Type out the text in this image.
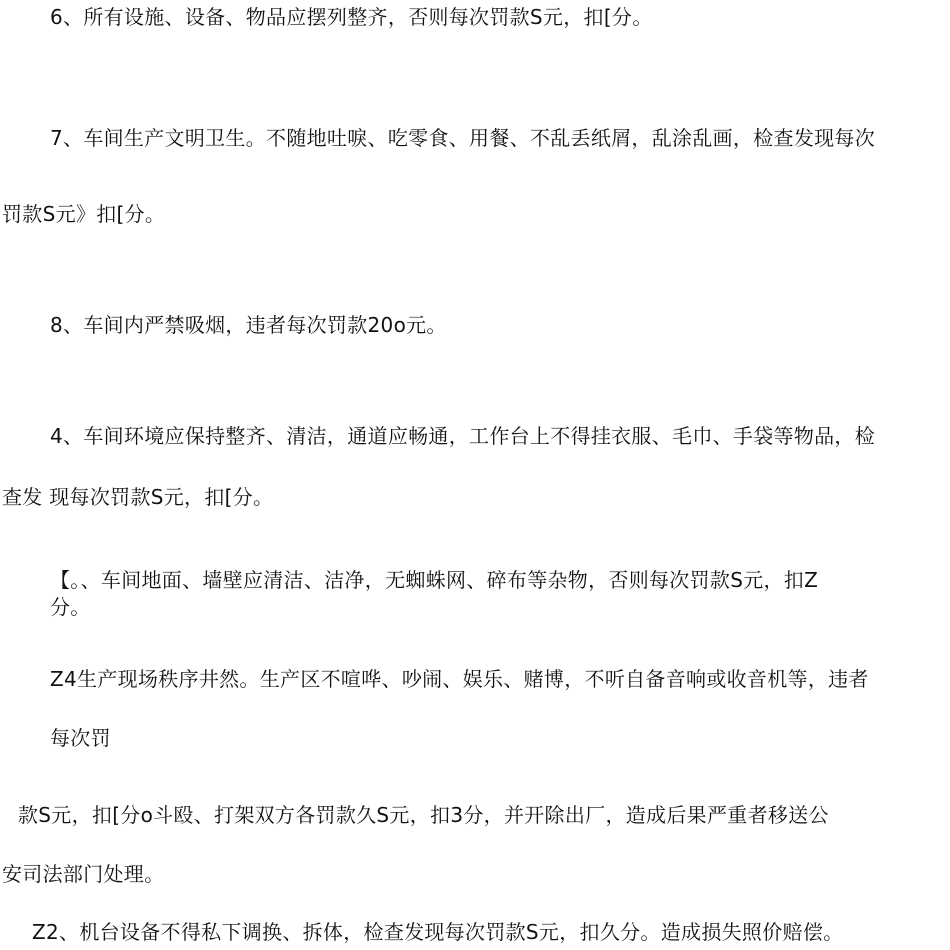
6、所有设施、设备、物品应摆列整齐，否则每次罚款S元，扣[分。
7、车间生产文明卫生。不随地吐唳、吃零食、用餐、不乱丢纸屑，乱涂乱画，检查发现每次
罚款S元》扣[分。
8、车间内严禁吸烟，违者每次罚款20o元。
4、车间环境应保持整齐、清洁，通道应畅通，工作台上不得挂衣服、毛巾、手袋等物品，检
查发 现每次罚款S元，扣[分。
【。、车间地面、墙壁应清洁、洁净，无蜘蛛网、碎布等杂物，否则每次罚款S元，扣Z
分。
Z4生产现场秩序井然。生产区不喧哗、吵闹、娱乐、赌博，不听自备音响或收音机等，违者
每次罚
款S元，扣[分o斗殴、打架双方各罚款久S元，扣3分，并开除出厂，造成后果严重者移送公
安司法部门处理。
Z2、机台设备不得私下调换、拆体，检查发现每次罚款S元，扣久分。造成损失照价赔偿。
